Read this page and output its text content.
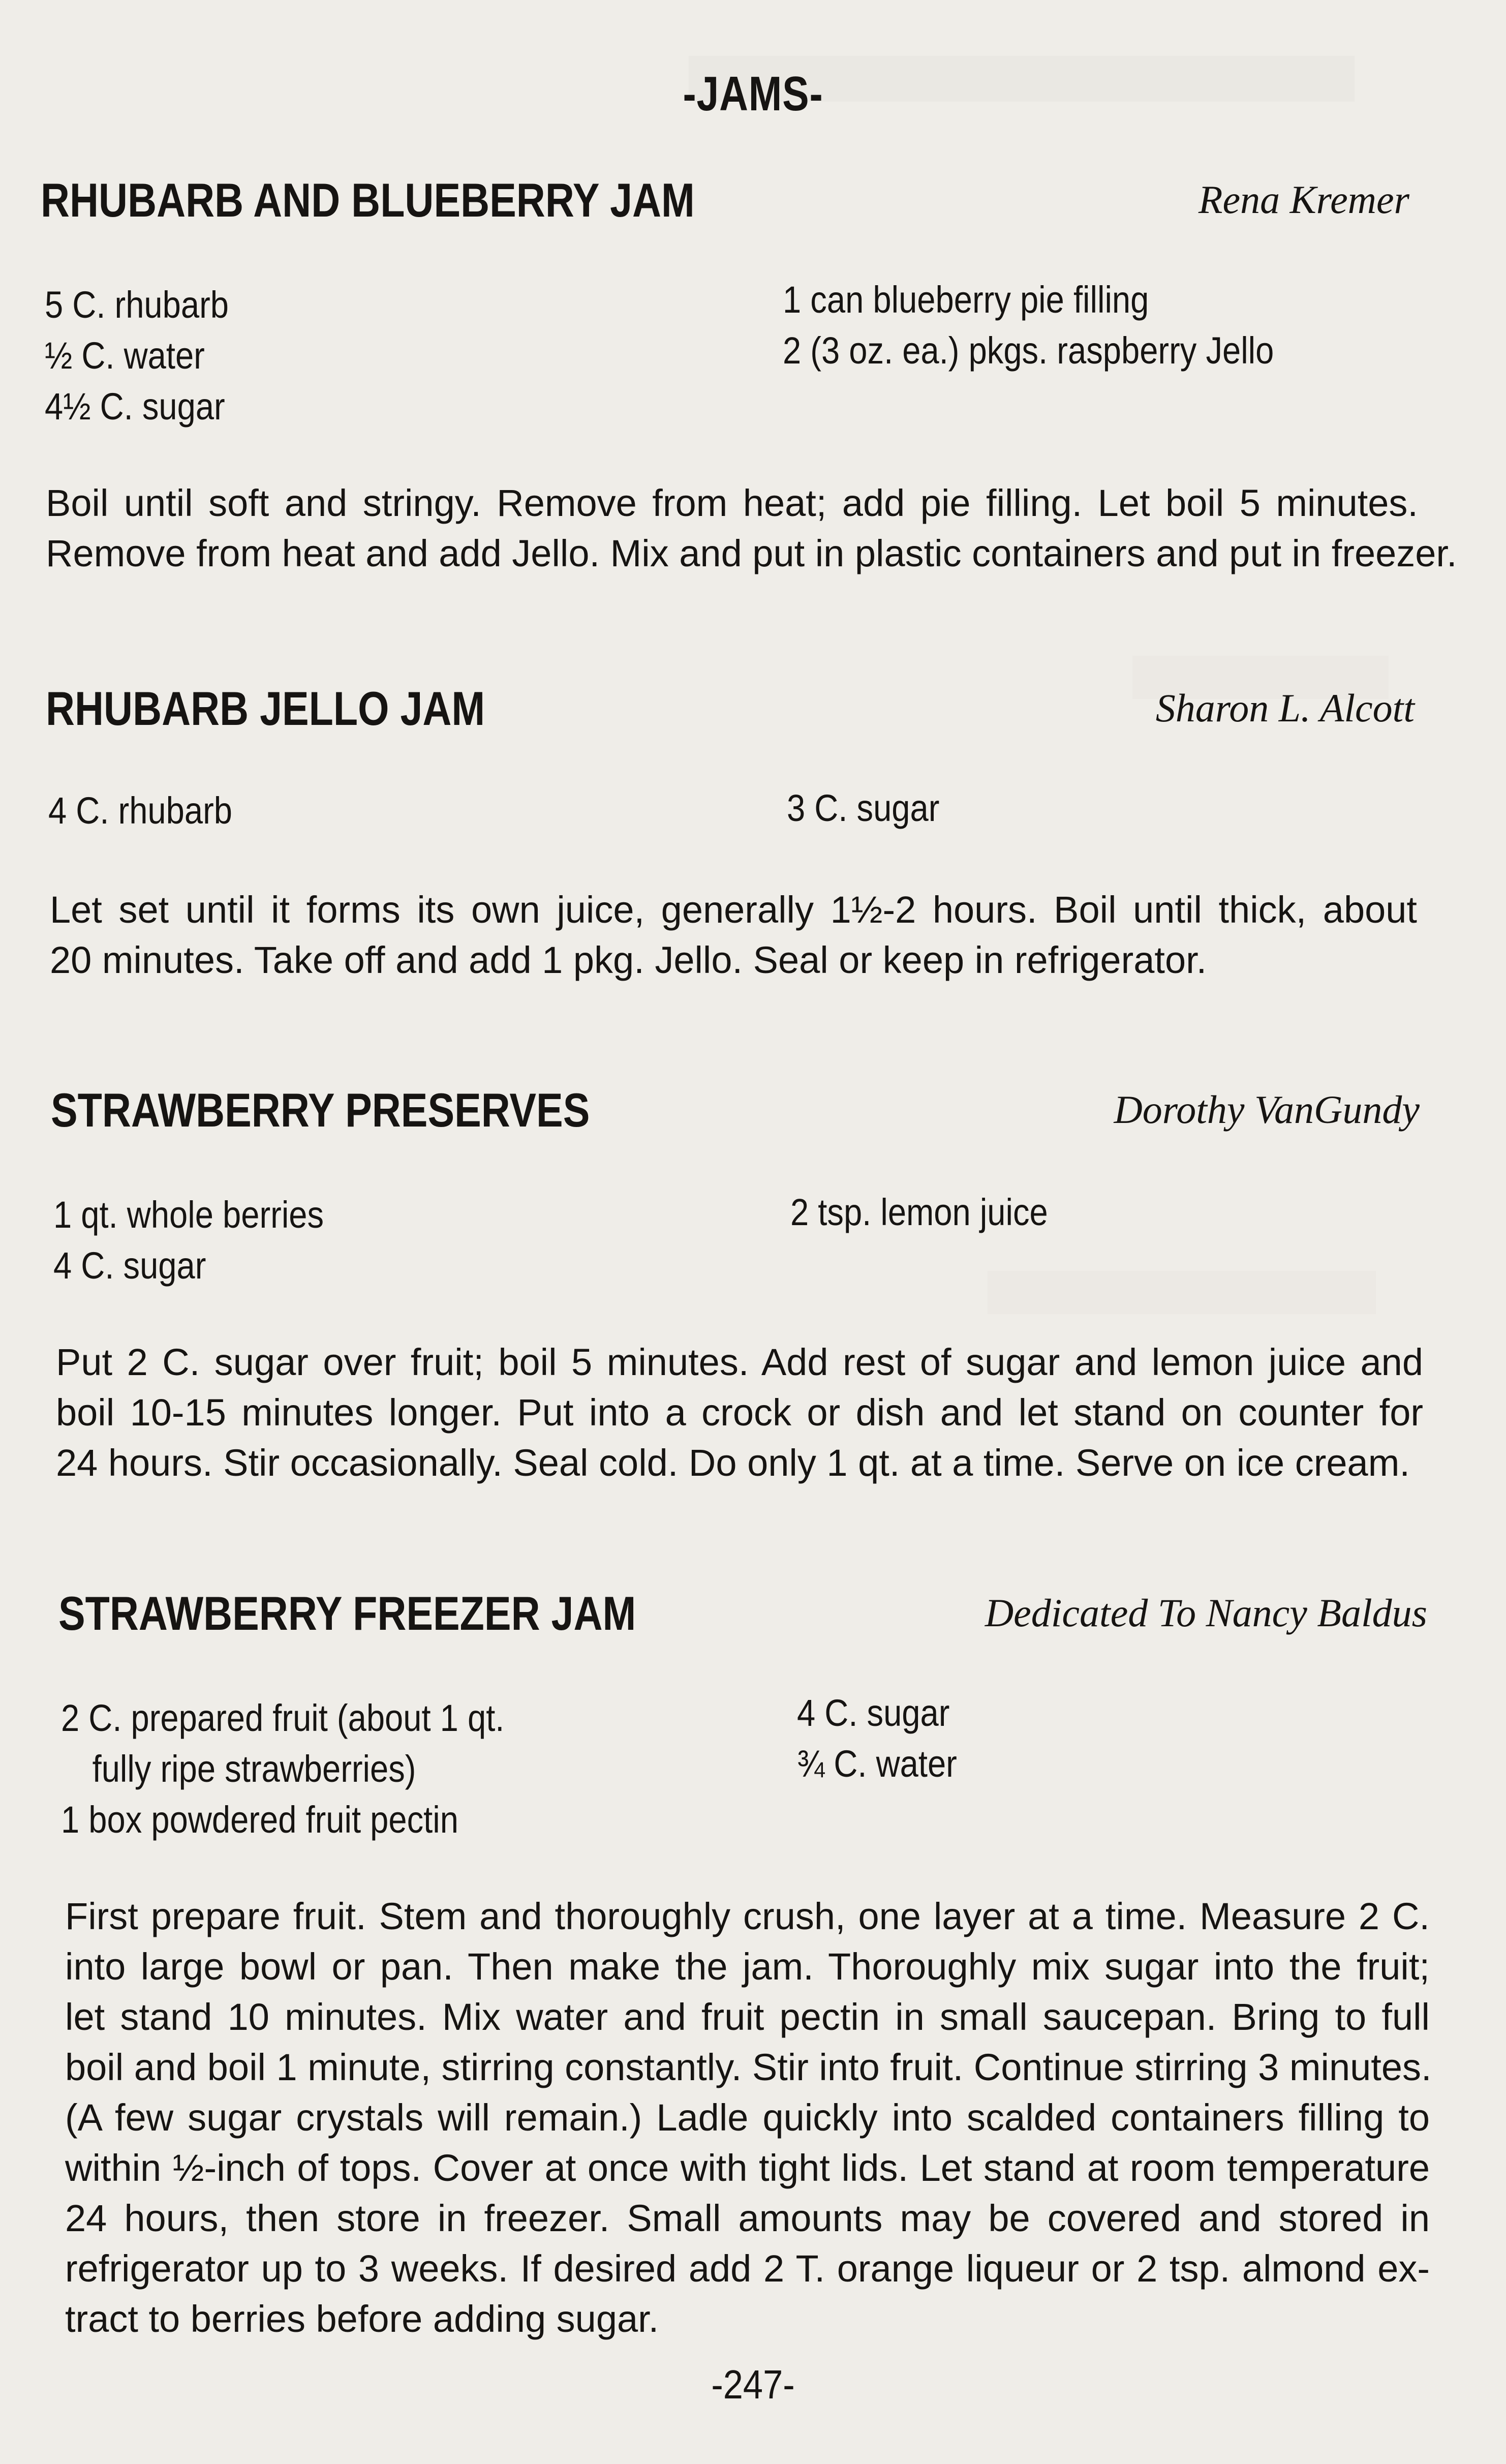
-JAMS-
RHUBARB AND BLUEBERRY JAM	Rena Kremer
5 C. rhubarb
½ C. water
4½ C. sugar
1 can blueberry pie filling
2 (3 oz. ea.) pkgs. raspberry Jello
Boil until soft and stringy. Remove from heat; add pie filling. Let boil 5 minutes.
Remove from heat and add Jello. Mix and put in plastic containers and put in freezer.
RHUBARB JELLO JAM	Sharon L. Alcott
4 C. rhubarb	3 C. sugar
Let set until it forms its own juice, generally 1½-2 hours. Boil until thick, about
20 minutes. Take off and add 1 pkg. Jello. Seal or keep in refrigerator.
STRAWBERRY PRESERVES	Dorothy VanGundy
1 qt. whole berries
4 C. sugar
2 tsp. lemon juice
Put 2 C. sugar over fruit; boil 5 minutes. Add rest of sugar and lemon juice and
boil 10-15 minutes longer. Put into a crock or dish and let stand on counter for
24 hours. Stir occasionally. Seal cold. Do only 1 qt. at a time. Serve on ice cream.
STRAWBERRY FREEZER JAM	Dedicated To Nancy Baldus
2 C. prepared fruit (about 1 qt.
fully ripe strawberries)
1 box powdered fruit pectin
4 C. sugar
¾ C. water
First prepare fruit. Stem and thoroughly crush, one layer at a time. Measure 2 C.
into large bowl or pan. Then make the jam. Thoroughly mix sugar into the fruit;
let stand 10 minutes. Mix water and fruit pectin in small saucepan. Bring to full
boil and boil 1 minute, stirring constantly. Stir into fruit. Continue stirring 3 minutes.
(A few sugar crystals will remain.) Ladle quickly into scalded containers filling to
within ½-inch of tops. Cover at once with tight lids. Let stand at room temperature
24 hours, then store in freezer. Small amounts may be covered and stored in
refrigerator up to 3 weeks. If desired add 2 T. orange liqueur or 2 tsp. almond ex-
tract to berries before adding sugar.
-247-
